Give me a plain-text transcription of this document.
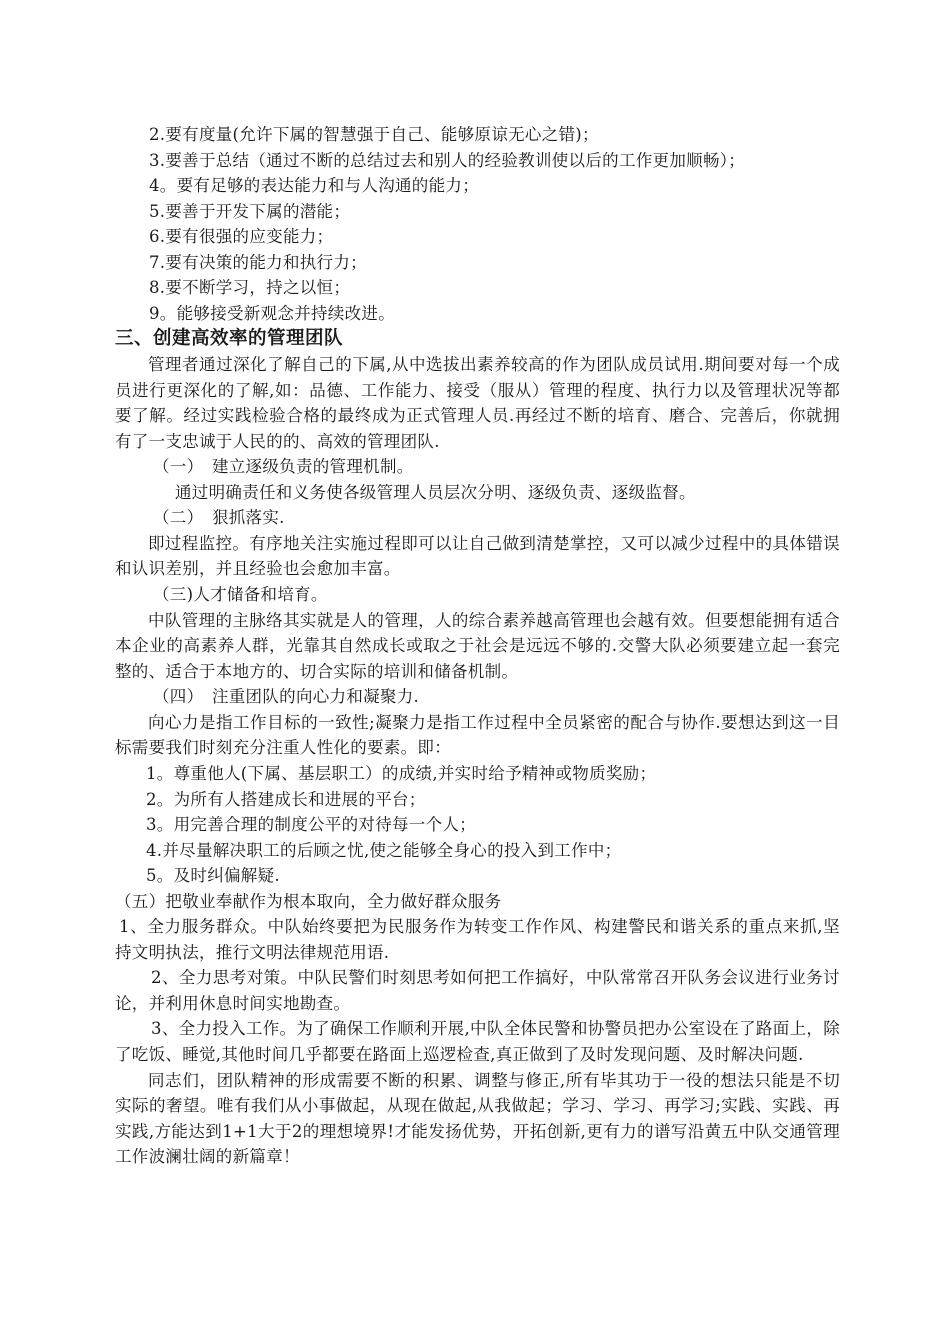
2.要有度量(允许下属的智慧强于自己、能够原谅无心之错)；
3.要善于总结（通过不断的总结过去和别人的经验教训使以后的工作更加顺畅）；
4。要有足够的表达能力和与人沟通的能力；
5.要善于开发下属的潜能；
6.要有很强的应变能力；
7.要有决策的能力和执行力；
8.要不断学习，持之以恒；
9。能够接受新观念并持续改进。
三、创建高效率的管理团队
管理者通过深化了解自己的下属,从中选拔出素养较高的作为团队成员试用.期间要对每一个成员进行更深化的了解,如：品德、工作能力、接受（服从）管理的程度、执行力以及管理状况等都要了解。经过实践检验合格的最终成为正式管理人员.再经过不断的培育、磨合、完善后，你就拥有了一支忠诚于人民的的、高效的管理团队.
（一）　建立逐级负责的管理机制。
通过明确责任和义务使各级管理人员层次分明、逐级负责、逐级监督。
（二）　狠抓落实.
即过程监控。有序地关注实施过程即可以让自己做到清楚掌控，又可以减少过程中的具体错误和认识差别，并且经验也会愈加丰富。
（三)人才储备和培育。
中队管理的主脉络其实就是人的管理，人的综合素养越高管理也会越有效。但要想能拥有适合本企业的高素养人群，光靠其自然成长或取之于社会是远远不够的.交警大队必须要建立起一套完整的、适合于本地方的、切合实际的培训和储备机制。
（四）　注重团队的向心力和凝聚力.
向心力是指工作目标的一致性;凝聚力是指工作过程中全员紧密的配合与协作.要想达到这一目标需要我们时刻充分注重人性化的要素。即：
1。尊重他人(下属、基层职工）的成绩,并实时给予精神或物质奖励；
2。为所有人搭建成长和进展的平台；
3。用完善合理的制度公平的对待每一个人；
4.并尽量解决职工的后顾之忧,使之能够全身心的投入到工作中；
5。及时纠偏解疑.
（五）把敬业奉献作为根本取向，全力做好群众服务
1、全力服务群众。中队始终要把为民服务作为转变工作作风、构建警民和谐关系的重点来抓,坚持文明执法，推行文明法律规范用语.
2、全力思考对策。中队民警们时刻思考如何把工作搞好，中队常常召开队务会议进行业务讨论，并利用休息时间实地勘查。
3、全力投入工作。为了确保工作顺利开展,中队全体民警和协警员把办公室设在了路面上，除了吃饭、睡觉,其他时间几乎都要在路面上巡逻检查,真正做到了及时发现问题、及时解决问题.
同志们，团队精神的形成需要不断的积累、调整与修正,所有毕其功于一役的想法只能是不切实际的奢望。唯有我们从小事做起，从现在做起,从我做起；学习、学习、再学习;实践、实践、再实践,方能达到1+1大于2的理想境界!才能发扬优势，开拓创新,更有力的谱写沿黄五中队交通管理工作波澜壮阔的新篇章！
